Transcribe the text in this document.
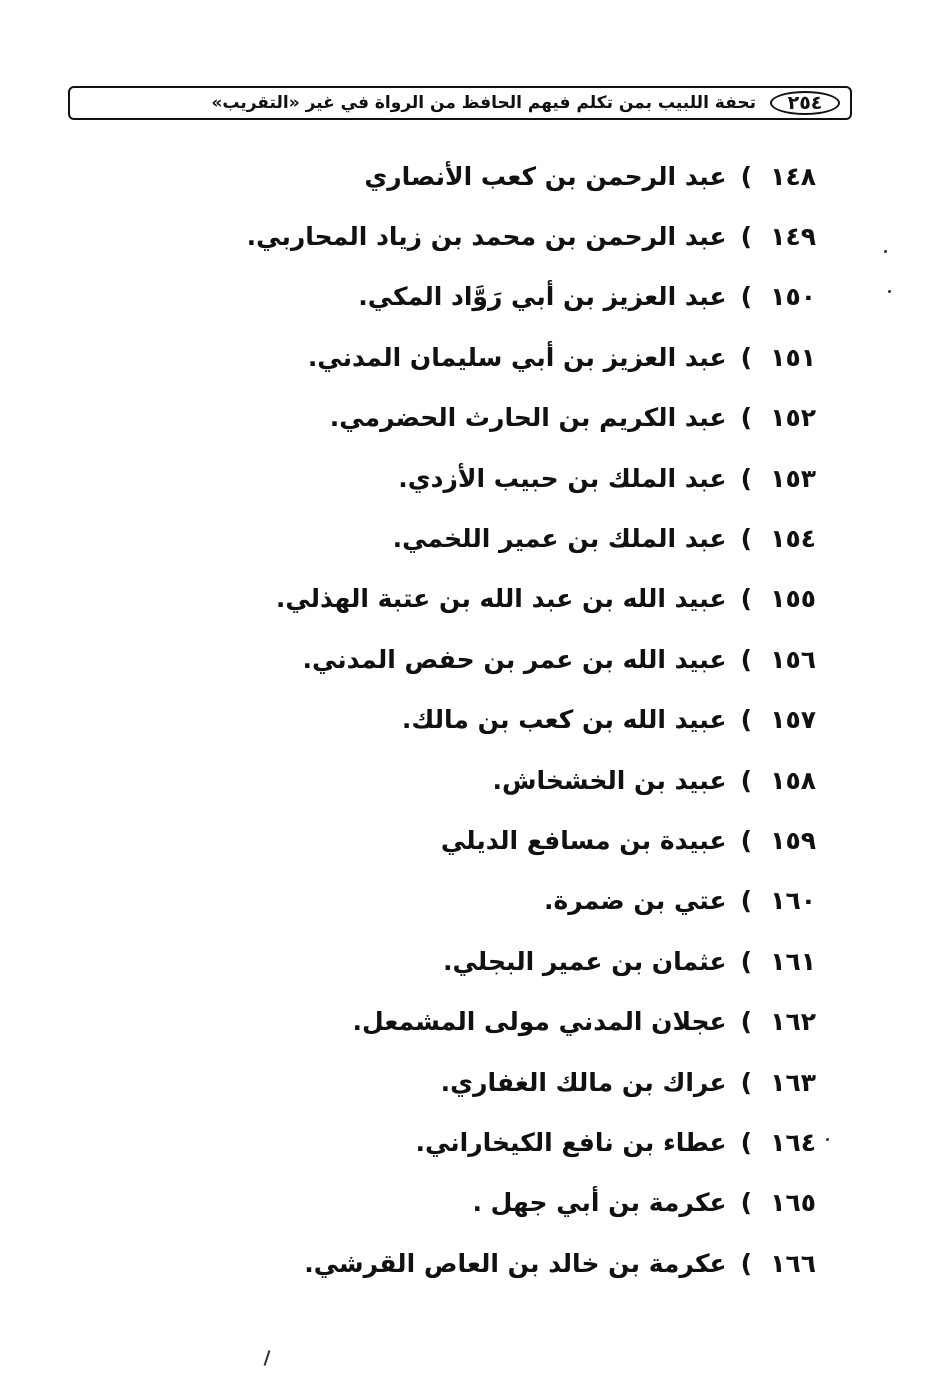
٢٥٤
تحفة اللبيب بمن تكلم فيهم الحافظ من الرواة في غير «التقريب»
١٤٨
)
عبد الرحمن بن كعب الأنصاري
١٤٩
)
عبد الرحمن بن محمد بن زياد المحاربي.
١٥٠
)
عبد العزيز بن أبي رَوَّاد المكي.
١٥١
)
عبد العزيز بن أبي سليمان المدني.
١٥٢
)
عبد الكريم بن الحارث الحضرمي.
١٥٣
)
عبد الملك بن حبيب الأزدي.
١٥٤
)
عبد الملك بن عمير اللخمي.
١٥٥
)
عبيد الله بن عبد الله بن عتبة الهذلي.
١٥٦
)
عبيد الله بن عمر بن حفص المدني.
١٥٧
)
عبيد الله بن كعب بن مالك.
١٥٨
)
عبيد بن الخشخاش.
١٥٩
)
عبيدة بن مسافع الديلي
١٦٠
)
عتي بن ضمرة.
١٦١
)
عثمان بن عمير البجلي.
١٦٢
)
عجلان المدني مولى المشمعل.
١٦٣
)
عراك بن مالك الغفاري.
١٦٤
)
عطاء بن نافع الكيخاراني.
١٦٥
)
عكرمة بن أبي جهل .
١٦٦
)
عكرمة بن خالد بن العاص القرشي.
